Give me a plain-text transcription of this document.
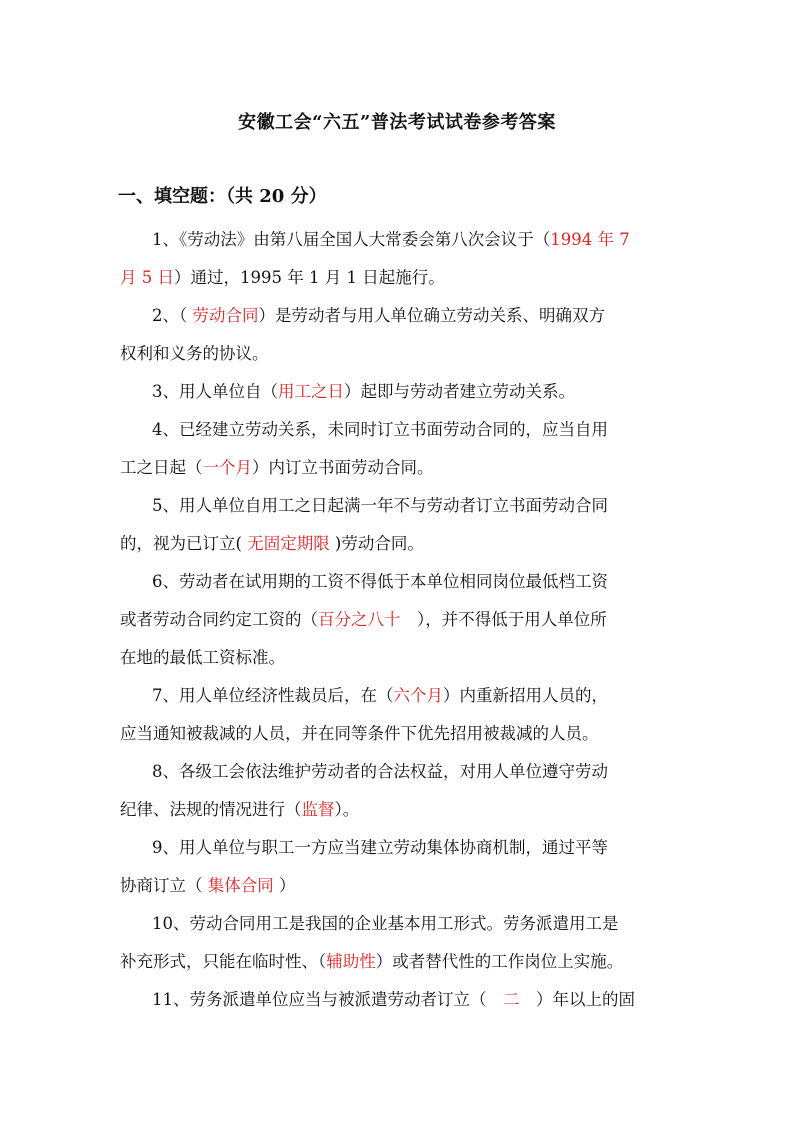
安徽工会“六五”普法考试试卷参考答案
一、填空题：（共 20 分）

1、《劳动法》由第八届全国人大常委会第八次会议于（1994 年 7
月 5 日）通过，1995 年 1 月 1 日起施行。

2、（ 劳动合同）是劳动者与用人单位确立劳动关系、明确双方
权利和义务的协议。

3、用人单位自（用工之日）起即与劳动者建立劳动关系。

4、已经建立劳动关系，未同时订立书面劳动合同的，应当自用
工之日起（一个月）内订立书面劳动合同。

5、用人单位自用工之日起满一年不与劳动者订立书面劳动合同
的，视为已订立( 无固定期限 )劳动合同。

6、劳动者在试用期的工资不得低于本单位相同岗位最低档工资
或者劳动合同约定工资的（百分之八十　），并不得低于用人单位所
在地的最低工资标准。

7、用人单位经济性裁员后，在（六个月）内重新招用人员的，
应当通知被裁减的人员，并在同等条件下优先招用被裁减的人员。

8、各级工会依法维护劳动者的合法权益，对用人单位遵守劳动
纪律、法规的情况进行（监督）。

9、用人单位与职工一方应当建立劳动集体协商机制，通过平等
协商订立（ 集体合同 ）

10、劳动合同用工是我国的企业基本用工形式。劳务派遣用工是
补充形式，只能在临时性、（辅助性）或者替代性的工作岗位上实施。

11、劳务派遣单位应当与被派遣劳动者订立（　二　）年以上的固
